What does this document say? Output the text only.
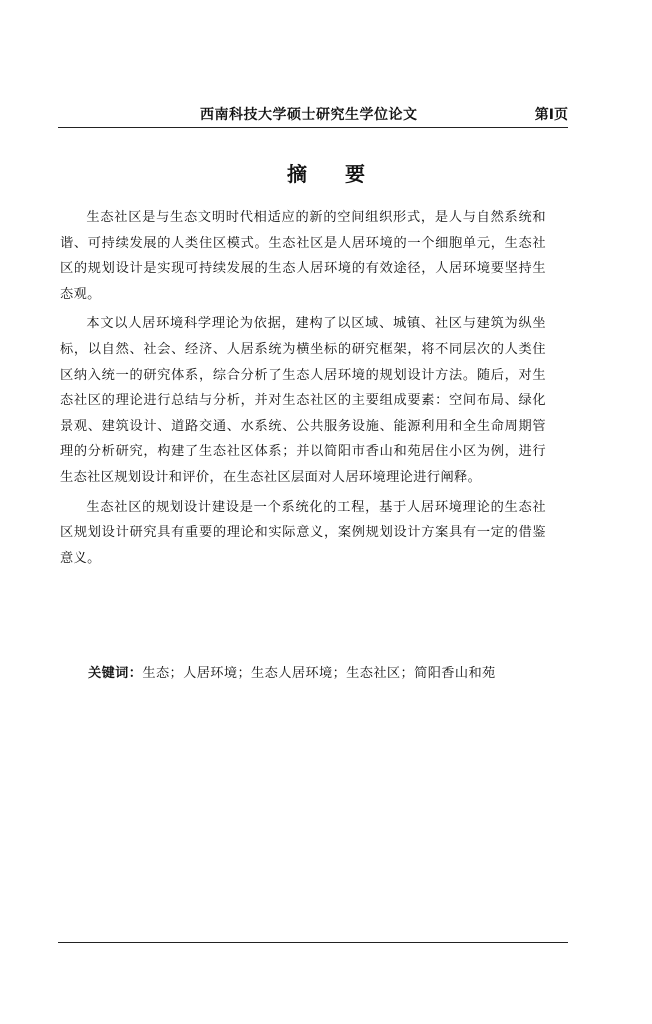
西南科技大学硕士研究生学位论文	第I页
摘要

生态社区是与生态文明时代相适应的新的空间组织形式，是人与自然系统和谐、可持续发展的人类住区模式。生态社区是人居环境的一个细胞单元，生态社区的规划设计是实现可持续发展的生态人居环境的有效途径，人居环境要坚持生态观。

本文以人居环境科学理论为依据，建构了以区域、城镇、社区与建筑为纵坐标，以自然、社会、经济、人居系统为横坐标的研究框架，将不同层次的人类住区纳入统一的研究体系，综合分析了生态人居环境的规划设计方法。随后，对生态社区的理论进行总结与分析，并对生态社区的主要组成要素：空间布局、绿化景观、建筑设计、道路交通、水系统、公共服务设施、能源利用和全生命周期管理的分析研究，构建了生态社区体系；并以简阳市香山和苑居住小区为例，进行生态社区规划设计和评价，在生态社区层面对人居环境理论进行阐释。

生态社区的规划设计建设是一个系统化的工程，基于人居环境理论的生态社区规划设计研究具有重要的理论和实际意义，案例规划设计方案具有一定的借鉴意义。

关键词：生态；人居环境；生态人居环境；生态社区；简阳香山和苑
